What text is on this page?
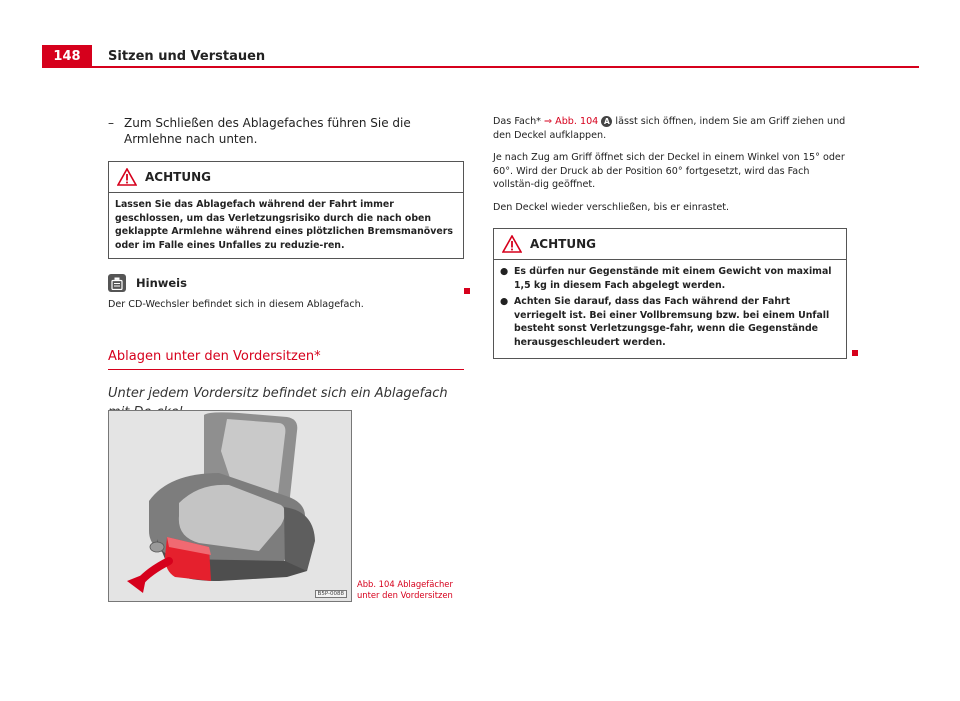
148	Sitzen und Verstauen
– Zum Schließen des Ablagefaches führen Sie die Armlehne nach unten.
ACHTUNG

Lassen Sie das Ablagefach während der Fahrt immer geschlossen, um das Verletzungsrisiko durch die nach oben geklappte Armlehne während eines plötzlichen Bremsmanövers oder im Falle eines Unfalles zu reduzie-ren.

Hinweis
Der CD-Wechsler befindet sich in diesem Ablagefach.
Ablagen unter den Vordersitzen*
Unter jedem Vordersitz befindet sich ein Ablagefach
B5P-0088
Abb. 104 Ablagefächer
unter den Vordersitzen

Das Fach* ⇒ Abb. 104 A lässt sich öffnen, indem Sie am Griff ziehen und den Deckel aufklappen.

Je nach Zug am Griff öffnet sich der Deckel in einem Winkel von 15° oder 60°. Wird der Druck ab der Position 60° fortgesetzt, wird das Fach vollstän-dig geöffnet.

Den Deckel wieder verschließen, bis er einrastet.

ACHTUNG
● Es dürfen nur Gegenstände mit einem Gewicht von maximal 1,5 kg in diesem Fach abgelegt werden.
● Achten Sie darauf, dass das Fach während der Fahrt verriegelt ist. Bei einer Vollbremsung bzw. bei einem Unfall besteht sonst Verletzungsge-fahr, wenn die Gegenstände herausgeschleudert werden.
